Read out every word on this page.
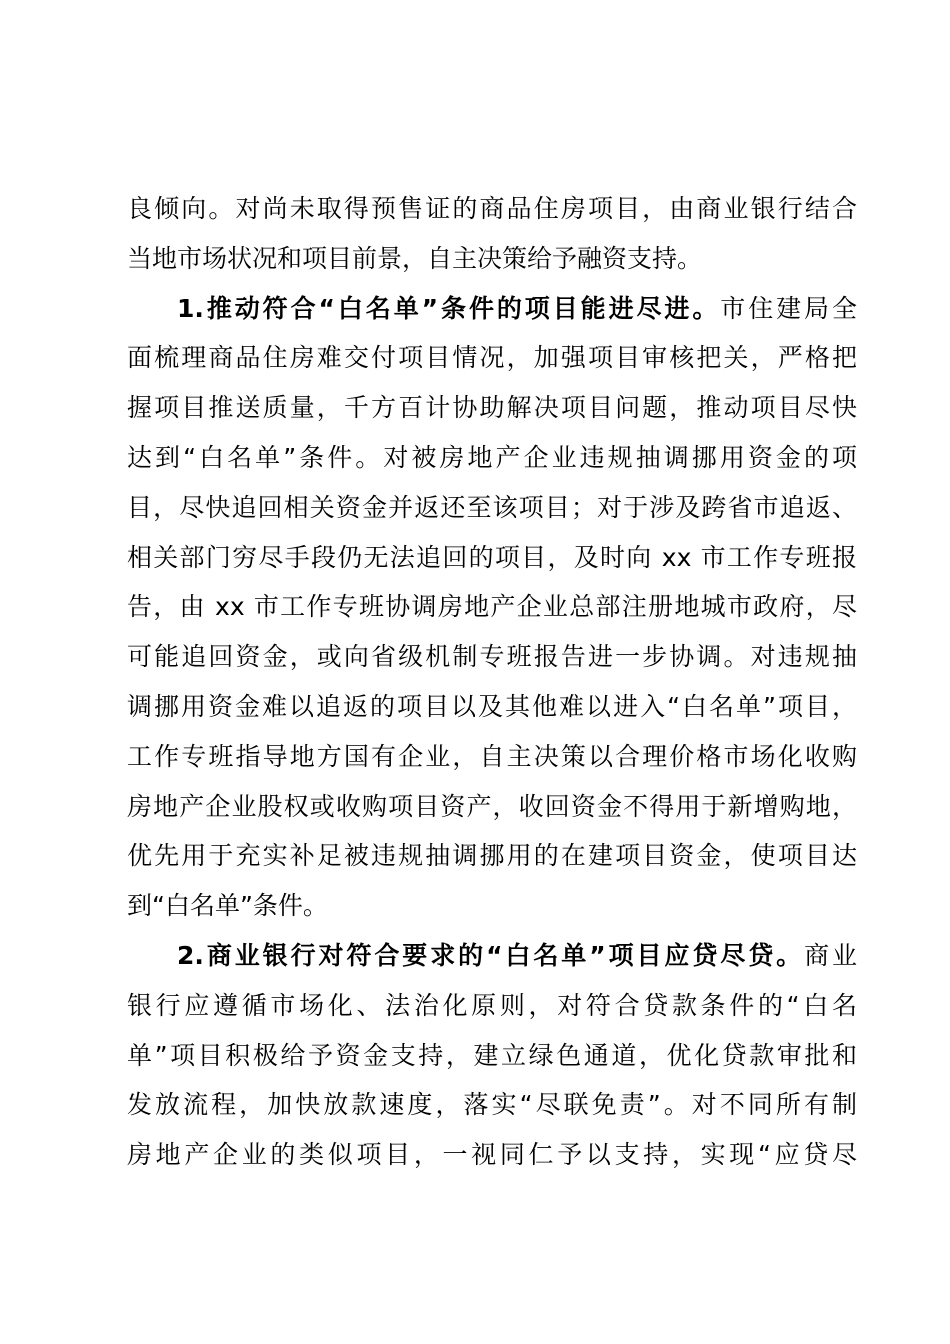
良倾向。对尚未取得预售证的商品住房项目，由商业银行结合
当地市场状况和项目前景，自主决策给予融资支持。
1.推动符合“白名单”条件的项目能进尽进。市住建局全
面梳理商品住房难交付项目情况，加强项目审核把关，严格把
握项目推送质量，千方百计协助解决项目问题，推动项目尽快
达到“白名单”条件。对被房地产企业违规抽调挪用资金的项
目，尽快追回相关资金并返还至该项目；对于涉及跨省市追返、
相关部门穷尽手段仍无法追回的项目，及时向 xx 市工作专班报
告，由 xx 市工作专班协调房地产企业总部注册地城市政府，尽
可能追回资金，或向省级机制专班报告进一步协调。对违规抽
调挪用资金难以追返的项目以及其他难以进入“白名单”项目，
工作专班指导地方国有企业，自主决策以合理价格市场化收购
房地产企业股权或收购项目资产，收回资金不得用于新增购地，
优先用于充实补足被违规抽调挪用的在建项目资金，使项目达
到“白名单”条件。
2.商业银行对符合要求的“白名单”项目应贷尽贷。商业
银行应遵循市场化、法治化原则，对符合贷款条件的“白名
单”项目积极给予资金支持，建立绿色通道，优化贷款审批和
发放流程，加快放款速度，落实“尽联免责”。对不同所有制
房地产企业的类似项目，一视同仁予以支持，实现“应贷尽
